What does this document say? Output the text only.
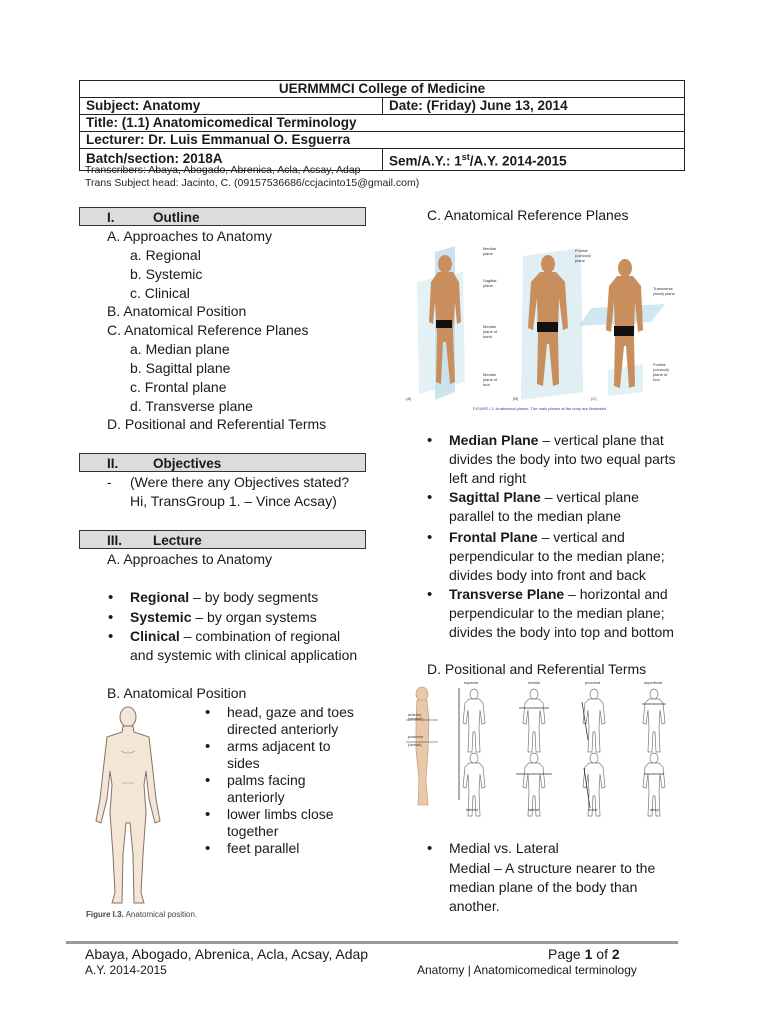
UERMMMCI College of Medicine	
Subject: Anatomy	Date: (Friday) June 13, 2014
Title: (1.1) Anatomicomedical Terminology	
Lecturer: Dr. Luis Emmanual O. Esguerra	
Batch/section: 2018A	Sem/A.Y.: 1st/A.Y. 2014-2015
Transcribers: Abaya, Abogado, Abrenica, Acla, Acsay, Adap
Trans Subject head: Jacinto, C. (09157536686/ccjacinto15@gmail.com)
I.	Outline
A. Approaches to Anatomy
a. Regional
b. Systemic
c. Clinical
B. Anatomical Position
C. Anatomical Reference Planes
a. Median plane
b. Sagittal plane
c. Frontal plane
d. Transverse plane
D. Positional and Referential Terms
II.	Objectives
- (Were there any Objectives stated?
Hi, TransGroup 1. – Vince Acsay)
III. Lecture
A. Approaches to Anatomy
• Regional – by body segments
• Systemic – by organ systems
• Clinical – combination of regional
and systemic with clinical application
B. Anatomical Position
Figure I.3. Anatomical position.
• head, gaze and toes
directed anteriorly
• arms adjacent to
sides
• palms facing
anteriorly
• lower limbs close
together
• feet parallel
C. Anatomical Reference Planes
Median
plane
Sagittal
plane
Median
plane of
hand
Median
plane of
foot
Frontal
(coronal)
plane
Transverse
(axial) plane
Frontal
(coronal)
plane of
foot
(A)	(B)	(C)
FIGURE I.2. Anatomical planes. The main planes of the body are illustrated.
• Median Plane – vertical plane that
divides the body into two equal parts
left and right
• Sagittal Plane – vertical plane
parallel to the median plane
• Frontal Plane – vertical and
perpendicular to the median plane;
divides body into front and back
• Transverse Plane – horizontal and
perpendicular to the median plane;
divides the body into top and bottom
D. Positional and Referential Terms
superior	medial	proximal	superficial
inferior	lateral	distal	deep
anterior
(ventral)
posterior
(dorsal)
• Medial vs. Lateral
Medial – A structure nearer to the
median plane of the body than
another.
Abaya, Abogado, Abrenica, Acla, Acsay, Adap	Page 1 of 2
A.Y. 2014-2015	Anatomy | Anatomicomedical terminology
